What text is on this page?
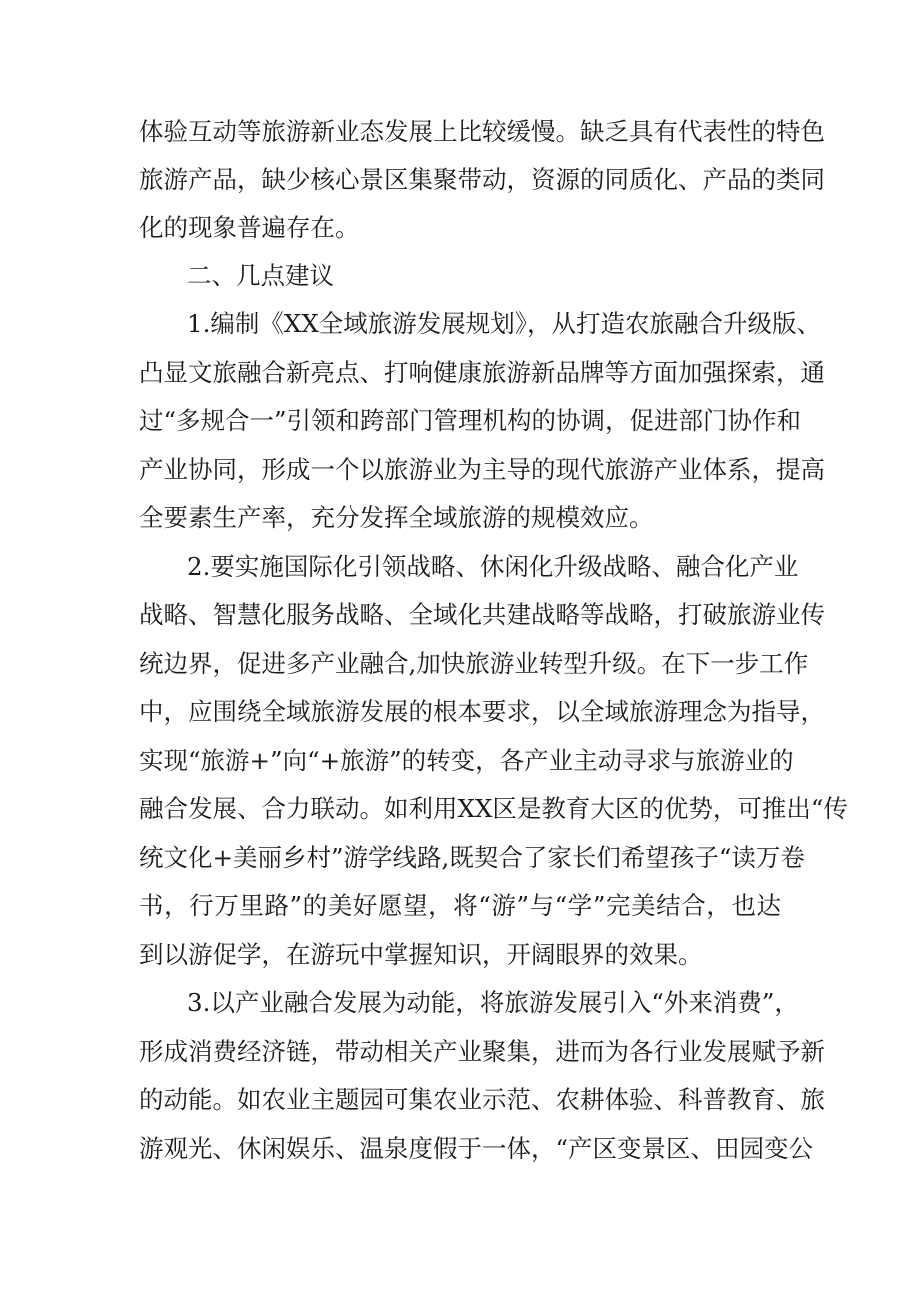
体验互动等旅游新业态发展上比较缓慢。缺乏具有代表性的特色
旅游产品，缺少核心景区集聚带动，资源的同质化、产品的类同
化的现象普遍存在。
二、几点建议
1.编制《XX全域旅游发展规划》，从打造农旅融合升级版、
凸显文旅融合新亮点、打响健康旅游新品牌等方面加强探索，通
过“多规合一”引领和跨部门管理机构的协调，促进部门协作和
产业协同，形成一个以旅游业为主导的现代旅游产业体系，提高
全要素生产率，充分发挥全域旅游的规模效应。
2.要实施国际化引领战略、休闲化升级战略、融合化产业
战略、智慧化服务战略、全域化共建战略等战略，打破旅游业传
统边界，促进多产业融合,加快旅游业转型升级。在下一步工作
中，应围绕全域旅游发展的根本要求，以全域旅游理念为指导，
实现“旅游+”向“+旅游”的转变，各产业主动寻求与旅游业的
融合发展、合力联动。如利用XX区是教育大区的优势，可推出“传
统文化+美丽乡村”游学线路,既契合了家长们希望孩子“读万卷
书，行万里路”的美好愿望，将“游”与“学”完美结合，也达
到以游促学，在游玩中掌握知识，开阔眼界的效果。
3.以产业融合发展为动能，将旅游发展引入“外来消费”，
形成消费经济链，带动相关产业聚集，进而为各行业发展赋予新
的动能。如农业主题园可集农业示范、农耕体验、科普教育、旅
游观光、休闲娱乐、温泉度假于一体，“产区变景区、田园变公
